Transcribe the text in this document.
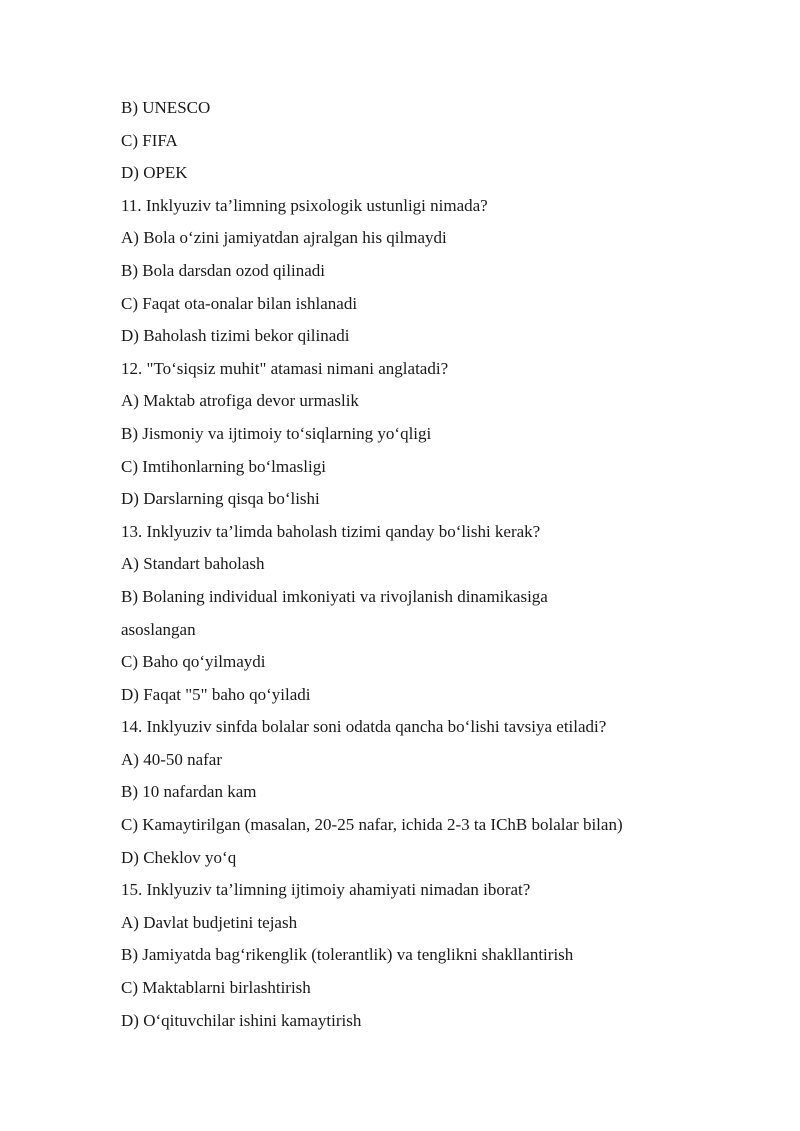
B) UNESCO
C) FIFA
D) OPEK
11. Inklyuziv ta’limning psixologik ustunligi nimada?
A) Bola o‘zini jamiyatdan ajralgan his qilmaydi
B) Bola darsdan ozod qilinadi
C) Faqat ota-onalar bilan ishlanadi
D) Baholash tizimi bekor qilinadi
12. "To‘siqsiz muhit" atamasi nimani anglatadi?
A) Maktab atrofiga devor urmaslik
B) Jismoniy va ijtimoiy to‘siqlarning yo‘qligi
C) Imtihonlarning bo‘lmasligi
D) Darslarning qisqa bo‘lishi
13. Inklyuziv ta’limda baholash tizimi qanday bo‘lishi kerak?
A) Standart baholash
B) Bolaning individual imkoniyati va rivojlanish dinamikasiga
asoslangan
C) Baho qo‘yilmaydi
D) Faqat "5" baho qo‘yiladi
14. Inklyuziv sinfda bolalar soni odatda qancha bo‘lishi tavsiya etiladi?
A) 40-50 nafar
B) 10 nafardan kam
C) Kamaytirilgan (masalan, 20-25 nafar, ichida 2-3 ta IChB bolalar bilan)
D) Cheklov yo‘q
15. Inklyuziv ta’limning ijtimoiy ahamiyati nimadan iborat?
A) Davlat budjetini tejash
B) Jamiyatda bag‘rikenglik (tolerantlik) va tenglikni shakllantirish
C) Maktablarni birlashtirish
D) O‘qituvchilar ishini kamaytirish
